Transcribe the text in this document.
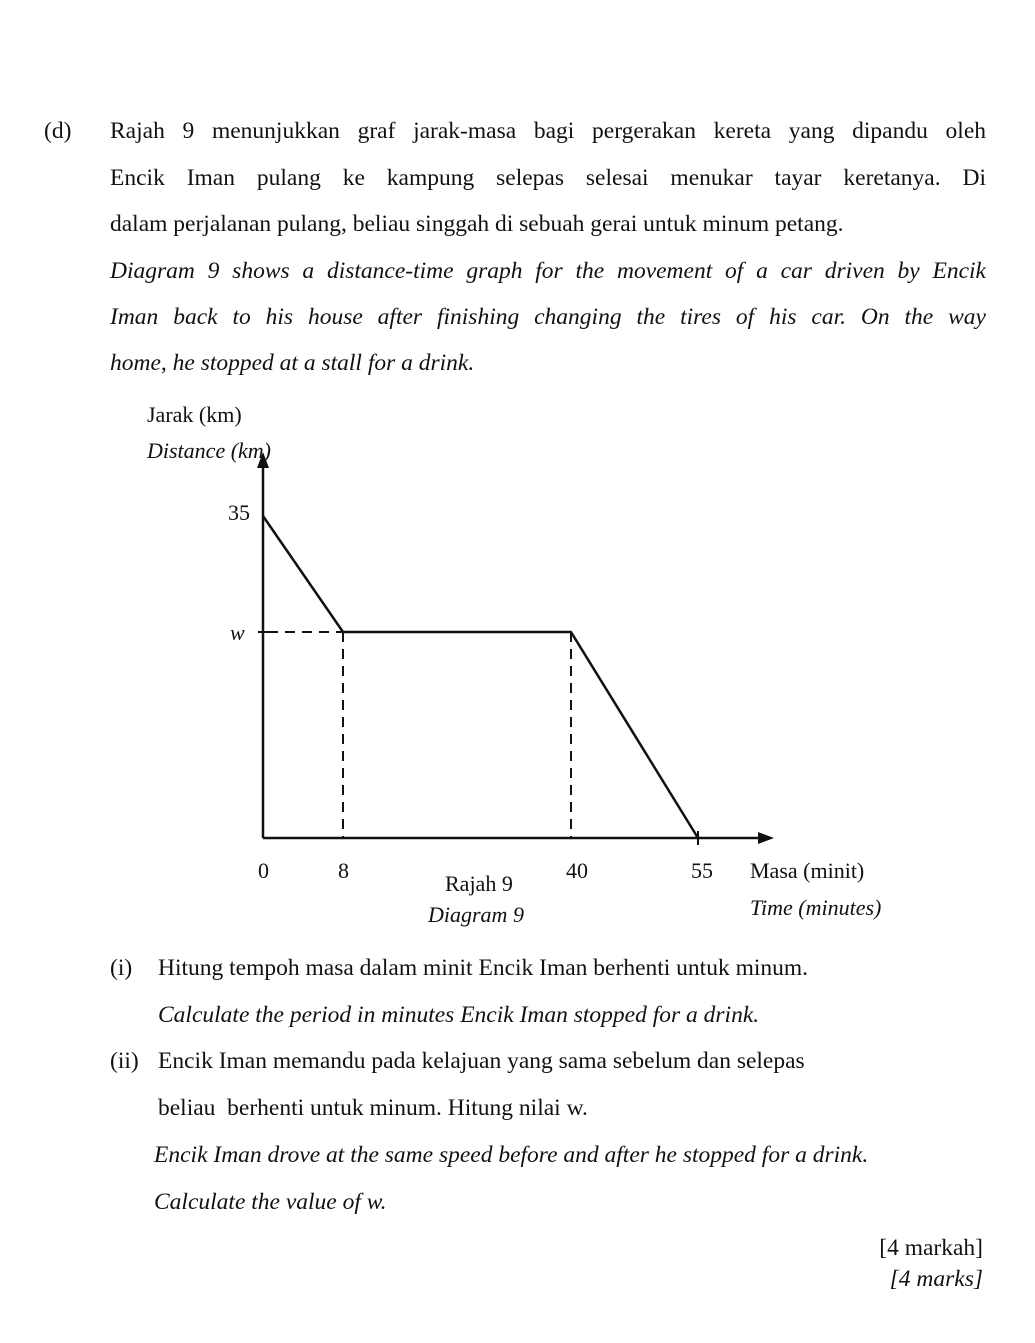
(d) Rajah 9 menunjukkan graf jarak-masa bagi pergerakan kereta yang dipandu oleh
Encik Iman pulang ke kampung selepas selesai menukar tayar keretanya. Di
dalam perjalanan pulang, beliau singgah di sebuah gerai untuk minum petang.
Diagram 9 shows a distance-time graph for the movement of a car driven by Encik
Iman back to his house after finishing changing the tires of his car. On the way
home, he stopped at a stall for a drink.
Jarak (km)
Distance (km)
35
w
0	8	40	55 Masa (minit)
Time (minutes)
Rajah 9
Diagram 9
(i) Hitung tempoh masa dalam minit Encik Iman berhenti untuk minum.
Calculate the period in minutes Encik Iman stopped for a drink.
(ii) Encik Iman memandu pada kelajuan yang sama sebelum dan selepas
beliau  berhenti untuk minum. Hitung nilai w.
Encik Iman drove at the same speed before and after he stopped for a drink.
Calculate the value of w.
[4 markah]
[4 marks]
